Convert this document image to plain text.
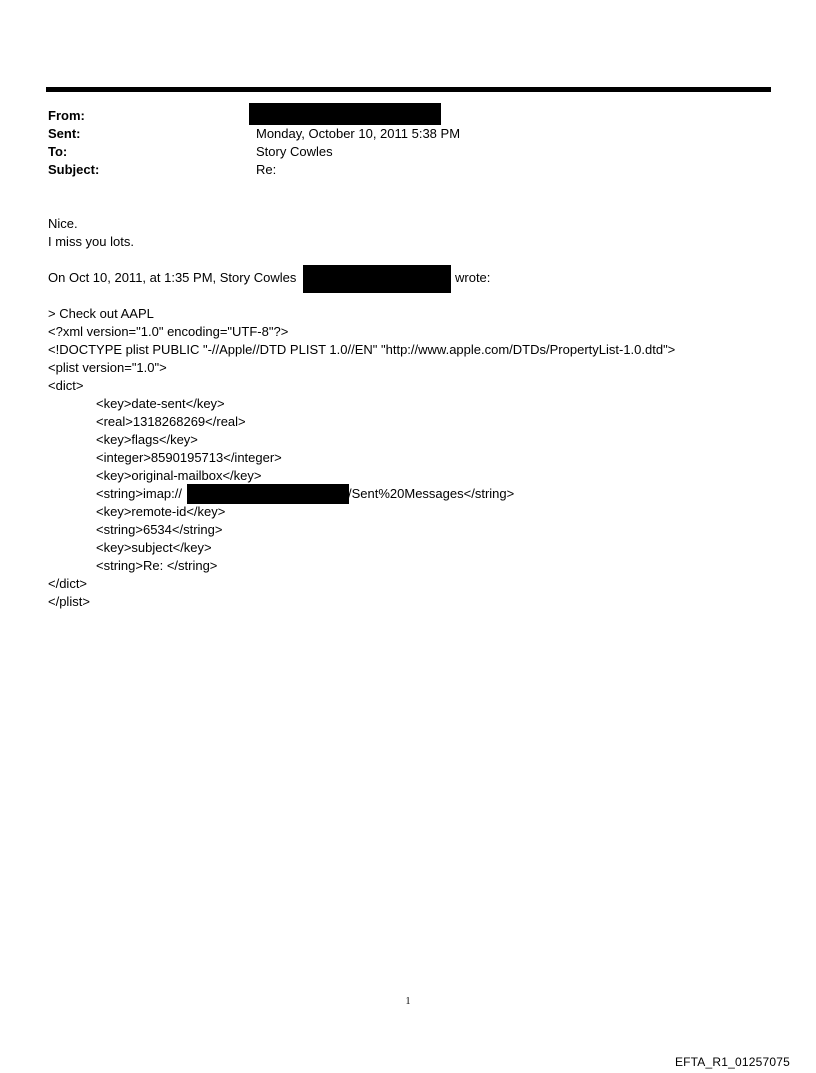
From:
Sent:	Monday, October 10, 2011 5:38 PM
To:	Story Cowles
Subject:	Re:
Nice.
I miss you lots.
On Oct 10, 2011, at 1:35 PM, Story Cowles	wrote:
> Check out AAPL
<?xml version="1.0" encoding="UTF-8"?>
<!DOCTYPE plist PUBLIC "-//Apple//DTD PLIST 1.0//EN" "http://www.apple.com/DTDs/PropertyList-1.0.dtd">
<plist version="1.0">
<dict>
<key>date-sent</key>
<real>1318268269</real>
<key>flags</key>
<integer>8590195713</integer>
<key>original-mailbox</key>
<string>imap://	/Sent%20Messages</string>
<key>remote-id</key>
<string>6534</string>
<key>subject</key>
<string>Re: </string>
</dict>
</plist>
1
EFTA_R1_01257075
